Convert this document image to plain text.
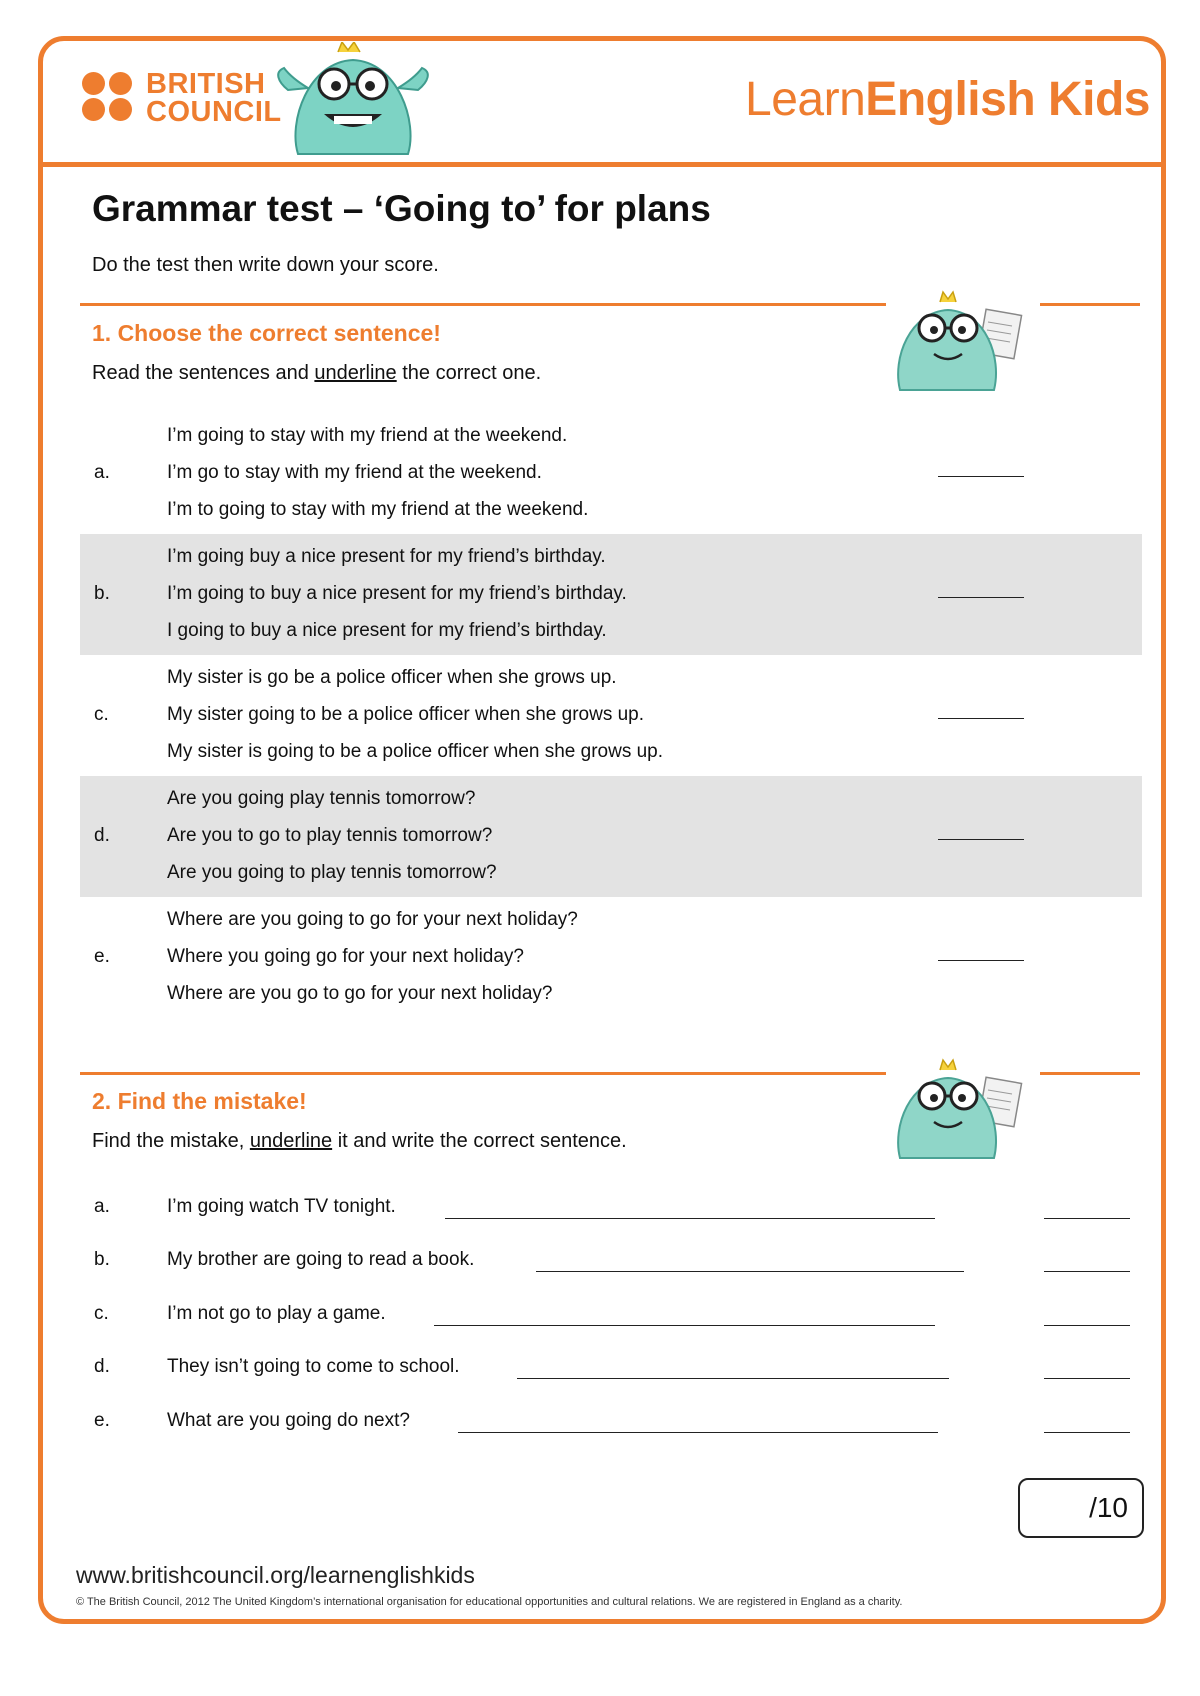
BRITISH
COUNCIL	LearnEnglish Kids
Grammar test – ‘Going to’ for plans
Do the test then write down your score.
1. Choose the correct sentence!
Read the sentences and underline the correct one.
I’m going to stay with my friend at the weekend.
a.	I’m go to stay with my friend at the weekend.
I’m to going to stay with my friend at the weekend.
I’m going buy a nice present for my friend’s birthday.
b.	I’m going to buy a nice present for my friend’s birthday.
I going to buy a nice present for my friend’s birthday.
My sister is go be a police officer when she grows up.
c.	My sister going to be a police officer when she grows up.
My sister is going to be a police officer when she grows up.
Are you going play tennis tomorrow?
d.	Are you to go to play tennis tomorrow?
Are you going to play tennis tomorrow?
Where are you going to go for your next holiday?
e.	Where you going go for your next holiday?
Where are you go to go for your next holiday?
2. Find the mistake!
Find the mistake, underline it and write the correct sentence.
a.	I’m going watch TV tonight.
b.	My brother are going to read a book.
c.	I’m not go to play a game.
d.	They isn’t going to come to school.
e.	What are you going do next?
/10
www.britishcouncil.org/learnenglishkids
© The British Council, 2012 The United Kingdom’s international organisation for educational opportunities and cultural relations. We are registered in England as a charity.
